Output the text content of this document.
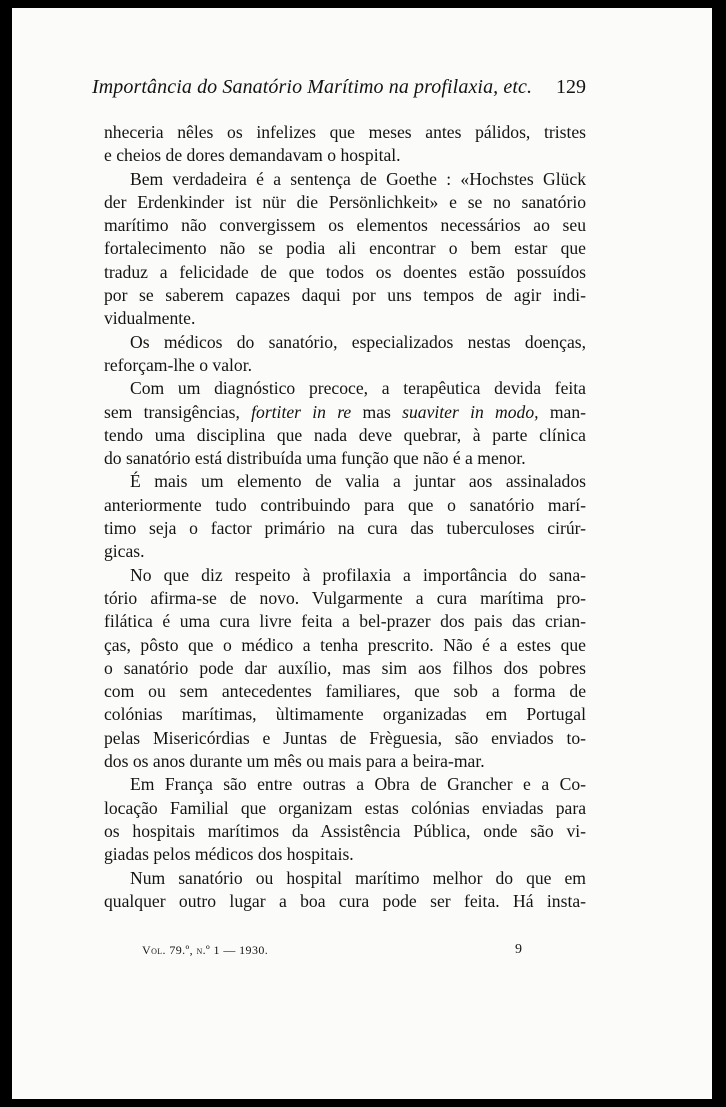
Importância do Sanatório Marítimo na profilaxia, etc. 129
nheceria nêles os infelizes que meses antes pálidos, tristes
e cheios de dores demandavam o hospital.
Bem verdadeira é a sentença de Goethe : «Hochstes Glück
der Erdenkinder ist nür die Persönlichkeit» e se no sanatório
marítimo não convergissem os elementos necessários ao seu
fortalecimento não se podia ali encontrar o bem estar que
traduz a felicidade de que todos os doentes estão possuídos
por se saberem capazes daqui por uns tempos de agir indi-
vidualmente.
Os médicos do sanatório, especializados nestas doenças,
reforçam-lhe o valor.
Com um diagnóstico precoce, a terapêutica devida feita
sem transigências, fortiter in re mas suaviter in modo, man-
tendo uma disciplina que nada deve quebrar, à parte clínica
do sanatório está distribuída uma função que não é a menor.
É mais um elemento de valia a juntar aos assinalados
anteriormente tudo contribuindo para que o sanatório marí-
timo seja o factor primário na cura das tuberculoses cirúr-
gicas.
No que diz respeito à profilaxia a importância do sana-
tório afirma-se de novo. Vulgarmente a cura marítima pro-
filática é uma cura livre feita a bel-prazer dos pais das crian-
ças, pôsto que o médico a tenha prescrito. Não é a estes que
o sanatório pode dar auxílio, mas sim aos filhos dos pobres
com ou sem antecedentes familiares, que sob a forma de
colónias marítimas, ùltimamente organizadas em Portugal
pelas Misericórdias e Juntas de Frèguesia, são enviados to-
dos os anos durante um mês ou mais para a beira-mar.
Em França são entre outras a Obra de Grancher e a Co-
locação Familial que organizam estas colónias enviadas para
os hospitais marítimos da Assistência Pública, onde são vi-
giadas pelos médicos dos hospitais.
Num sanatório ou hospital marítimo melhor do que em
qualquer outro lugar a boa cura pode ser feita. Há insta-
Vol. 79.º, n.º 1 — 1930.	9
